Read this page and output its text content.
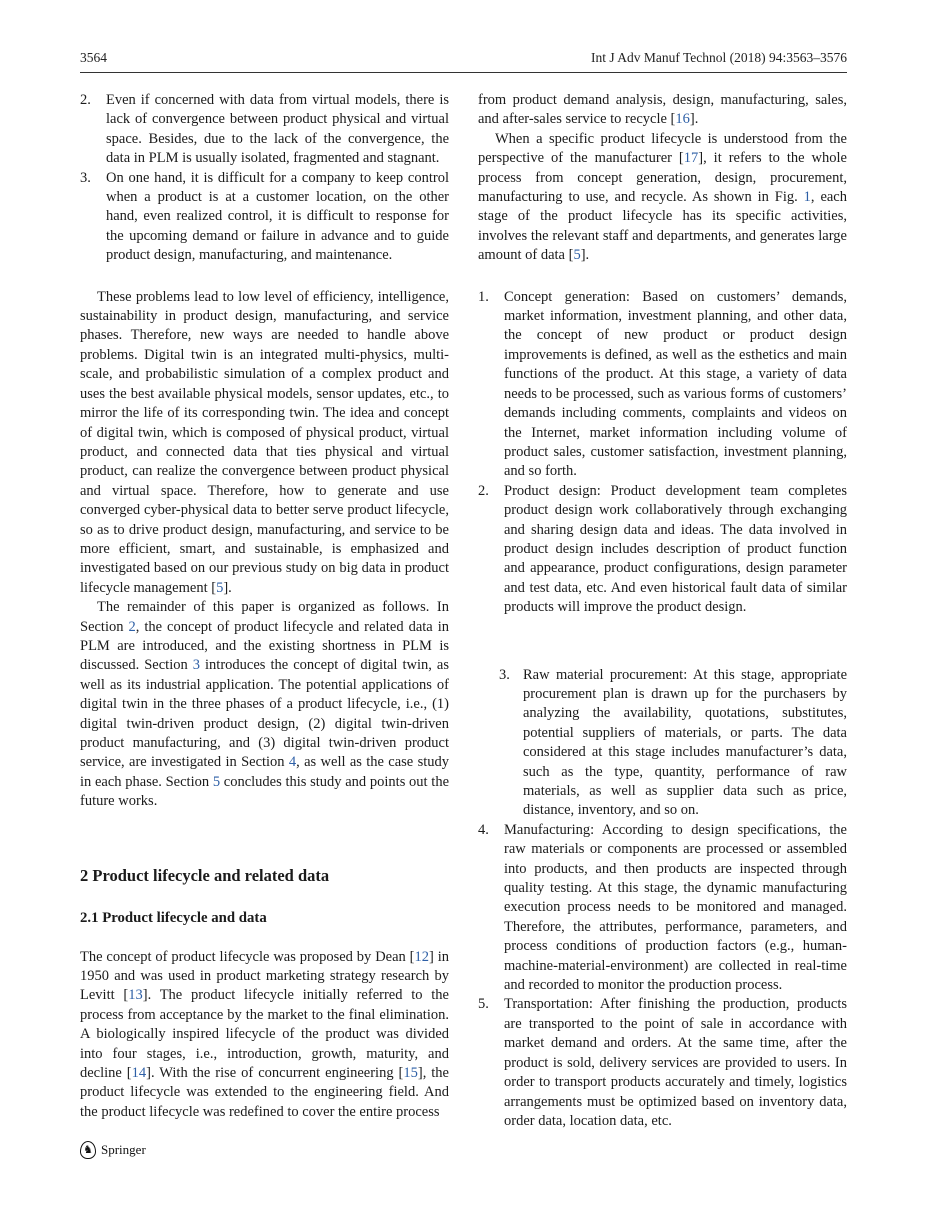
3564	Int J Adv Manuf Technol (2018) 94:3563–3576
2.	Even if concerned with data from virtual models, there is lack of convergence between product physical and virtual space. Besides, due to the lack of the convergence, the data in PLM is usually isolated, fragmented and stagnant.
3.	On one hand, it is difficult for a company to keep control when a product is at a customer location, on the other hand, even realized control, it is difficult to response for the upcoming demand or failure in advance and to guide product design, manufacturing, and maintenance.

These problems lead to low level of efficiency, intelligence, sustainability in product design, manufacturing, and service phases. Therefore, new ways are needed to handle above problems. Digital twin is an integrated multi-physics, multi-scale, and probabilistic simulation of a complex product and uses the best available physical models, sensor updates, etc., to mirror the life of its corresponding twin. The idea and concept of digital twin, which is composed of physical product, virtual product, and connected data that ties physical and virtual product, can realize the convergence between product physical and virtual space. Therefore, how to generate and use converged cyber-physical data to better serve product lifecycle, so as to drive product design, manufacturing, and service to be more efficient, smart, and sustainable, is emphasized and investigated based on our previous study on big data in product lifecycle management [5].

The remainder of this paper is organized as follows. In Section 2, the concept of product lifecycle and related data in PLM are introduced, and the existing shortness in PLM is discussed. Section 3 introduces the concept of digital twin, as well as its industrial application. The potential applications of digital twin in the three phases of a product lifecycle, i.e., (1) digital twin-driven product design, (2) digital twin-driven product manufacturing, and (3) digital twin-driven product service, are investigated in Section 4, as well as the case study in each phase. Section 5 concludes this study and points out the future works.

2 Product lifecycle and related data
2.1 Product lifecycle and data

The concept of product lifecycle was proposed by Dean [12] in 1950 and was used in product marketing strategy research by Levitt [13]. The product lifecycle initially referred to the process from acceptance by the market to the final elimination. A biologically inspired lifecycle of the product was divided into four stages, i.e., introduction, growth, maturity, and decline [14]. With the rise of concurrent engineering [15], the product lifecycle was extended to the engineering field. And the product lifecycle was redefined to cover the entire process

from product demand analysis, design, manufacturing, sales, and after-sales service to recycle [16].

When a specific product lifecycle is understood from the perspective of the manufacturer [17], it refers to the whole process from concept generation, design, procurement, manufacturing to use, and recycle. As shown in Fig. 1, each stage of the product lifecycle has its specific activities, involves the relevant staff and departments, and generates large amount of data [5].

1.	Concept generation: Based on customers’ demands, market information, investment planning, and other data, the concept of new product or product design improvements is defined, as well as the esthetics and main functions of the product. At this stage, a variety of data needs to be processed, such as various forms of customers’ demands including comments, complaints and videos on the Internet, market information including volume of product sales, customer satisfaction, investment planning, and so forth.
2.	Product design: Product development team completes product design work collaboratively through exchanging and sharing design data and ideas. The data involved in product design includes description of product function and appearance, product configurations, design parameter and test data, etc. And even historical fault data of similar products will improve the product design.
3. Raw material procurement: At this stage, appropriate procurement plan is drawn up for the purchasers by analyzing the availability, quotations, substitutes, potential suppliers of materials, or parts. The data considered at this stage includes manufacturer’s data, such as the type, quantity, performance of raw materials, as well as supplier data such as price, distance, inventory, and so on.
4.	Manufacturing: According to design specifications, the raw materials or components are processed or assembled into products, and then products are inspected through quality testing. At this stage, the dynamic manufacturing execution process needs to be monitored and managed. Therefore, the attributes, performance, parameters, and process conditions of production factors (e.g., human-machine-material-environment) are collected in real-time and recorded to monitor the production process.
5.	Transportation: After finishing the production, products are transported to the point of sale in accordance with market demand and orders. At the same time, after the product is sold, delivery services are provided to users. In order to transport products accurately and timely, logistics arrangements must be optimized based on inventory data, order data, location data, etc.
♞ Springer
